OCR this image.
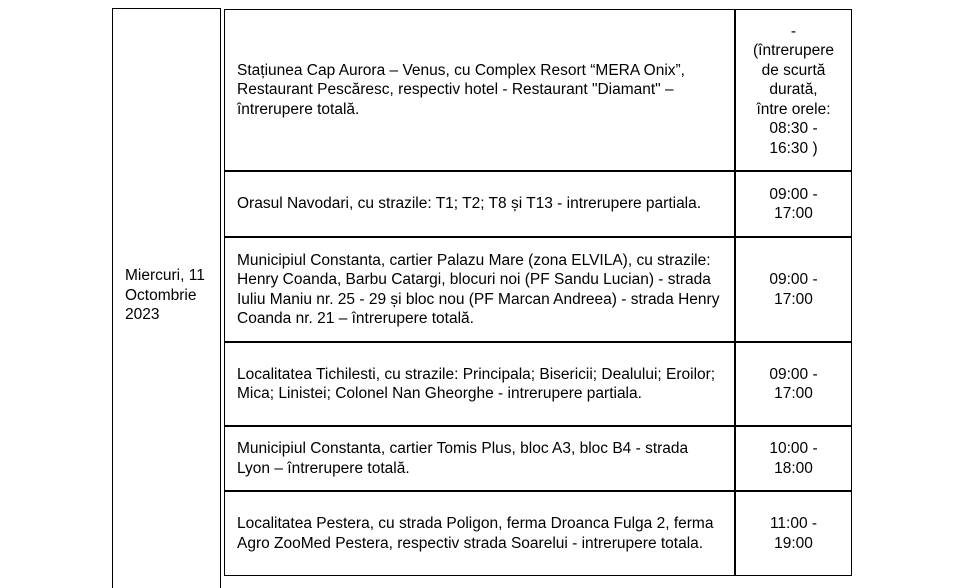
Miercuri, 11
Octombrie
2023
Stațiunea Cap Aurora – Venus, cu Complex Resort “MERA Onix”, Restaurant Pescăresc, respectiv hotel - Restaurant "Diamant" – întrerupere totală.
-
(întrerupere
de scurtă
durată,
între orele:
08:30 -
16:30 )
Orasul Navodari, cu strazile: T1; T2; T8 și T13 - intrerupere partiala.
09:00 -
17:00
Municipiul Constanta, cartier Palazu Mare (zona ELVILA), cu strazile: Henry Coanda, Barbu Catargi, blocuri noi (PF Sandu Lucian) - strada Iuliu Maniu nr. 25 - 29 și bloc nou (PF Marcan Andreea) - strada Henry Coanda nr. 21 – întrerupere totală.
09:00 -
17:00
Localitatea Tichilesti, cu strazile: Principala; Bisericii; Dealului; Eroilor; Mica; Linistei; Colonel Nan Gheorghe - intrerupere partiala.
09:00 -
17:00
Municipiul Constanta, cartier Tomis Plus, bloc A3, bloc B4 - strada Lyon – întrerupere totală.
10:00 -
18:00
Localitatea Pestera, cu strada Poligon, ferma Droanca Fulga 2, ferma Agro ZooMed Pestera, respectiv strada Soarelui - intrerupere totala.
11:00 -
19:00
